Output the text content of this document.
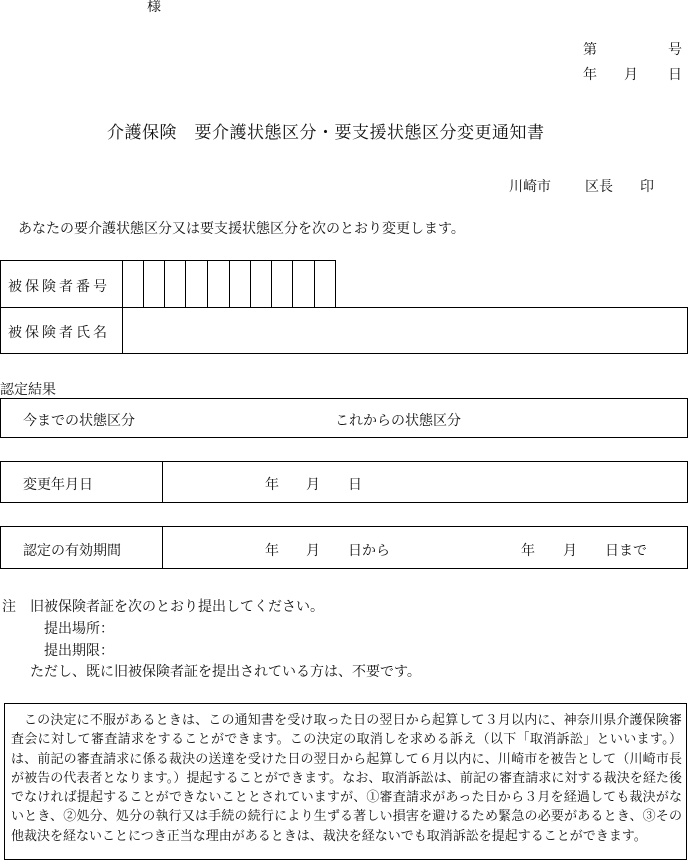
様
第	号
年 月 日
介護保険　要介護状態区分・要支援状態区分変更通知書
川崎市 区長 印
あなたの要介護状態区分又は要支援状態区分を次のとおり変更します。
被保険者番号
被保険者氏名
認定結果
今までの状態区分	これからの状態区分
変更年月日	年 月 日
認定の有効期間	年 月 日から	年 月 日まで
注　旧被保険者証を次のとおり提出してください。
提出場所：
提出期限：
ただし、既に旧被保険者証を提出されている方は、不要です。
この決定に不服があるときは、この通知書を受け取った日の翌日から起算して３月以内に、神奈川県介護保険審査会に対して審査請求をすることができます。この決定の取消しを求める訴え（以下「取消訴訟」といいます。）は、前記の審査請求に係る裁決の送達を受けた日の翌日から起算して６月以内に、川崎市を被告として（川崎市長が被告の代表者となります。）提起することができます。なお、取消訴訟は、前記の審査請求に対する裁決を経た後でなければ提起することができないこととされていますが、①審査請求があった日から３月を経過しても裁決がないとき、②処分、処分の執行又は手続の続行により生ずる著しい損害を避けるため緊急の必要があるとき、③その他裁決を経ないことにつき正当な理由があるときは、裁決を経ないでも取消訴訟を提起することができます。
